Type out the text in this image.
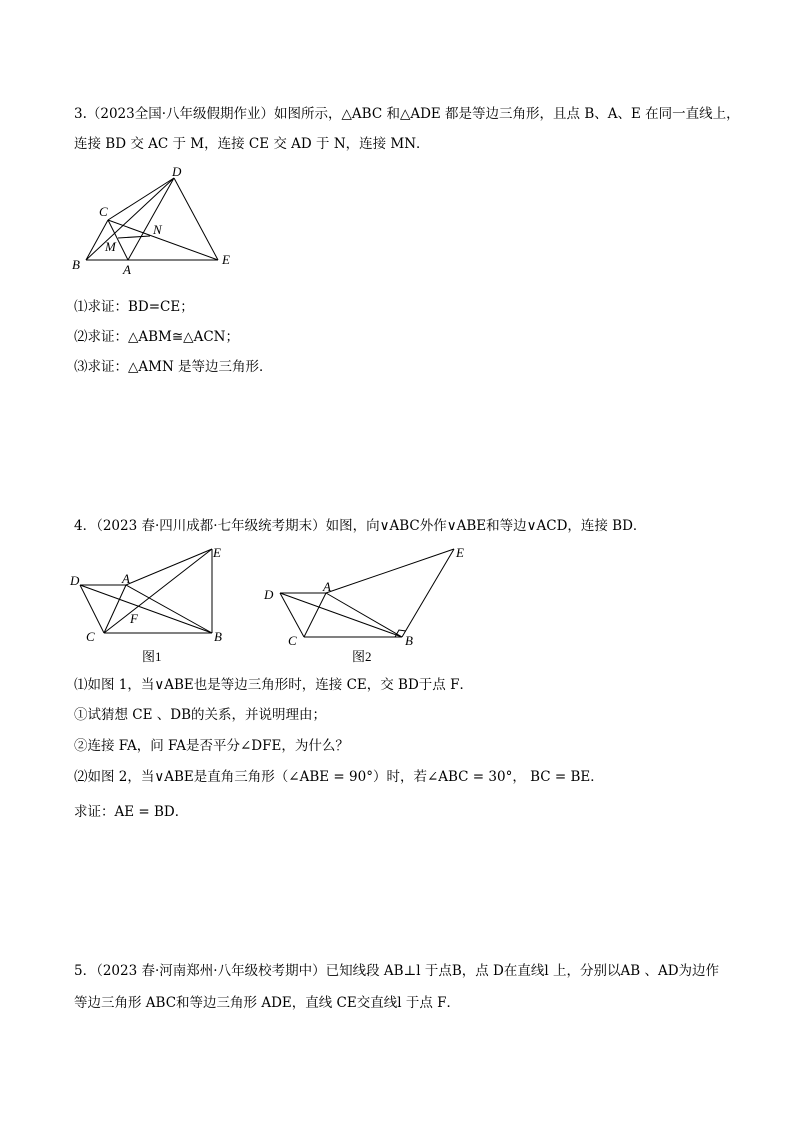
3.（2023全国·八年级假期作业）如图所示，△ABC 和△ADE 都是等边三角形，且点 B、A、E 在同一直线上，
连接 BD 交 AC 于 M，连接 CE 交 AD 于 N，连接 MN．
D
C
N
M
B	A
E
⑴求证：BD=CE；
⑵求证：△ABM≅△ACN；
⑶求证：△AMN 是等边三角形．
4．（2023 春·四川成都·七年级统考期末）如图，向∨ABC外作∨ABE和等边∨ACD，连接 BD．
D	A
E
F
C	B
图1
D
A
E
C	B
图2
⑴如图 1，当∨ABE也是等边三角形时，连接 CE，交 BD于点 F．
①试猜想 CE 、DB的关系，并说明理由；
②连接 FA，问 FA是否平分∠DFE，为什么？
⑵如图 2，当∨ABE是直角三角形（∠ABE = 90°）时，若∠ABC = 30°， BC = BE．
求证：AE = BD．
5．（2023 春·河南郑州·八年级校考期中）已知线段 AB⊥l 于点B，点 D在直线l 上，分别以AB 、AD为边作
等边三角形 ABC和等边三角形 ADE，直线 CE交直线l 于点 F．
